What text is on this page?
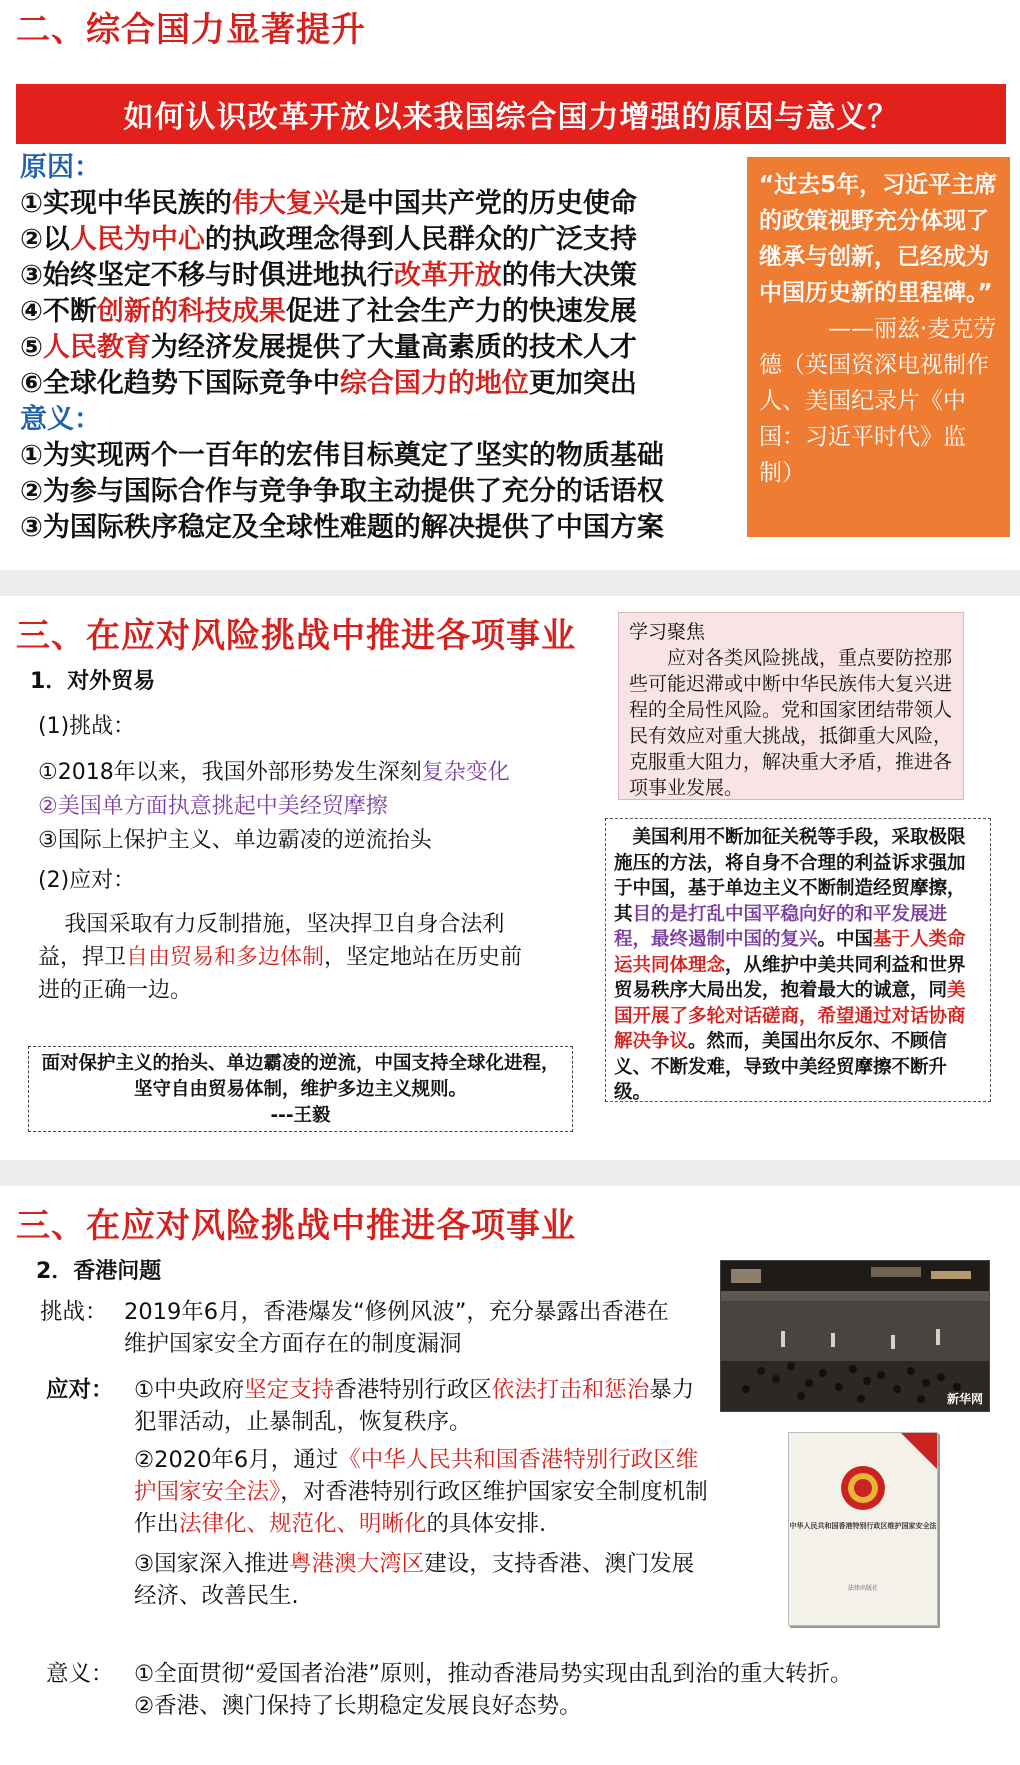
二、综合国力显著提升
如何认识改革开放以来我国综合国力增强的原因与意义？
原因：
①实现中华民族的伟大复兴是中国共产党的历史使命
②以人民为中心的执政理念得到人民群众的广泛支持
③始终坚定不移与时俱进地执行改革开放的伟大决策
④不断创新的科技成果促进了社会生产力的快速发展
⑤人民教育为经济发展提供了大量高素质的技术人才
⑥全球化趋势下国际竞争中综合国力的地位更加突出
意义：
①为实现两个一百年的宏伟目标奠定了坚实的物质基础
②为参与国际合作与竞争争取主动提供了充分的话语权
③为国际秩序稳定及全球性难题的解决提供了中国方案
“过去5年，习近平主席的政策视野充分体现了继承与创新，已经成为中国历史新的里程碑。”
——丽兹·麦克劳德（英国资深电视制作人、美国纪录片《中国：习近平时代》监制）
三、在应对风险挑战中推进各项事业
1．对外贸易
(1)挑战：
①2018年以来，我国外部形势发生深刻复杂变化
②美国单方面执意挑起中美经贸摩擦
③国际上保护主义、单边霸凌的逆流抬头
(2)应对：
我国采取有力反制措施，坚决捍卫自身合法利益，捍卫自由贸易和多边体制，坚定地站在历史前进的正确一边。
学习聚焦
应对各类风险挑战，重点要防控那些可能迟滞或中断中华民族伟大复兴进程的全局性风险。党和国家团结带领人民有效应对重大挑战，抵御重大风险，克服重大阻力，解决重大矛盾，推进各项事业发展。
美国利用不断加征关税等手段，采取极限施压的方法，将自身不合理的利益诉求强加于中国，基于单边主义不断制造经贸摩擦，其目的是打乱中国平稳向好的和平发展进程，最终遏制中国的复兴。中国基于人类命运共同体理念，从维护中美共同利益和世界贸易秩序大局出发，抱着最大的诚意，同美国开展了多轮对话磋商，希望通过对话协商解决争议。然而，美国出尔反尔、不顾信义、不断发难，导致中美经贸摩擦不断升级。
面对保护主义的抬头、单边霸凌的逆流，中国支持全球化进程，坚守自由贸易体制，维护多边主义规则。
---王毅
三、在应对风险挑战中推进各项事业
2．香港问题
挑战： 2019年6月，香港爆发“修例风波”，充分暴露出香港在维护国家安全方面存在的制度漏洞
应对： ①中央政府坚定支持香港特别行政区依法打击和惩治暴力犯罪活动，止暴制乱，恢复秩序。
②2020年6月，通过《中华人民共和国香港特别行政区维护国家安全法》，对香港特别行政区维护国家安全制度机制作出法律化、规范化、明晰化的具体安排.
③国家深入推进粤港澳大湾区建设，支持香港、澳门发展经济、改善民生.
意义： ①全面贯彻“爱国者治港”原则，推动香港局势实现由乱到治的重大转折。
②香港、澳门保持了长期稳定发展良好态势。
新华网
中华人民共和国香港特别行政区维护国家安全法
法律出版社
